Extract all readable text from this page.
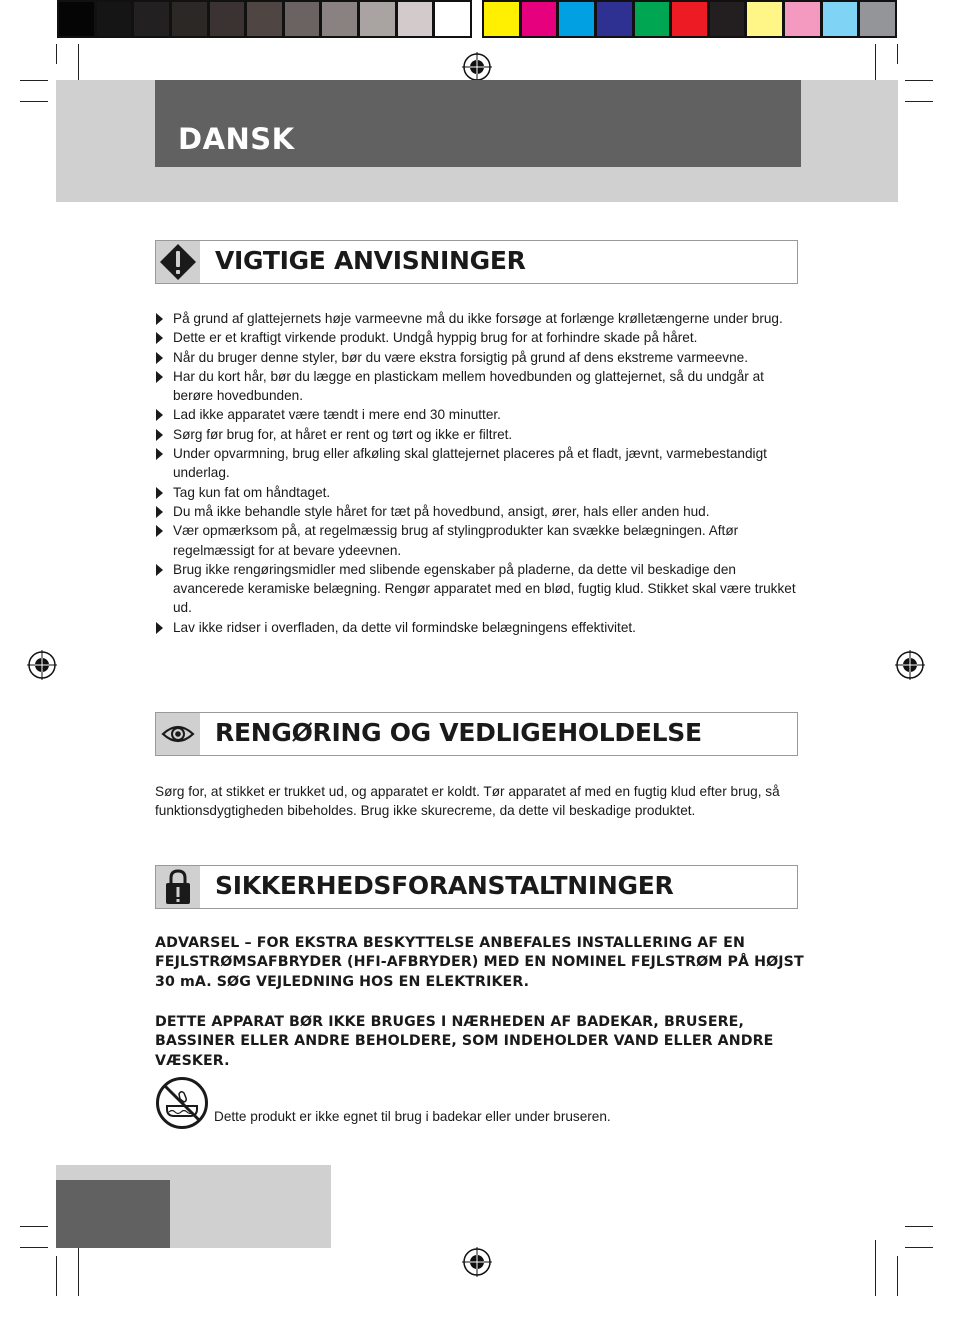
DANSK
VIGTIGE ANVISNINGER
På grund af glattejernets høje varmeevne må du ikke forsøge at forlænge krølletængerne under brug.
Dette er et kraftigt virkende produkt. Undgå hyppig brug for at forhindre skade på håret.
Når du bruger denne styler, bør du være ekstra forsigtig på grund af dens ekstreme varmeevne.
Har du kort hår, bør du lægge en plastickam mellem hovedbunden og glattejernet, så du undgår at berøre hovedbunden.
Lad ikke apparatet være tændt i mere end 30 minutter.
Sørg før brug for, at håret er rent og tørt og ikke er filtret.
Under opvarmning, brug eller afkøling skal glattejernet placeres på et fladt, jævnt, varmebestandigt underlag.
Tag kun fat om håndtaget.
Du må ikke behandle style håret for tæt på hovedbund, ansigt, ører, hals eller anden hud.
Vær opmærksom på, at regelmæssig brug af stylingprodukter kan svække belægningen. Aftør regelmæssigt for at bevare ydeevnen.
Brug ikke rengøringsmidler med slibende egenskaber på pladerne, da dette vil beskadige den avancerede keramiske belægning. Rengør apparatet med en blød, fugtig klud. Stikket skal være trukket ud.
Lav ikke ridser i overfladen, da dette vil formindske belægningens effektivitet.
RENGØRING OG VEDLIGEHOLDELSE
Sørg for, at stikket er trukket ud, og apparatet er koldt. Tør apparatet af med en fugtig klud efter brug, så funktionsdygtigheden bibeholdes. Brug ikke skurecreme, da dette vil beskadige produktet.
SIKKERHEDSFORANSTALTNINGER
ADVARSEL – FOR EKSTRA BESKYTTELSE ANBEFALES INSTALLERING AF EN FEJLSTRØMSAFBRYDER (HFI-AFBRYDER) MED EN NOMINEL FEJLSTRØM PÅ HØJST 30 mA. SØG VEJLEDNING HOS EN ELEKTRIKER.
DETTE APPARAT BØR IKKE BRUGES I NÆRHEDEN AF BADEKAR, BRUSERE, BASSINER ELLER ANDRE BEHOLDERE, SOM INDEHOLDER VAND ELLER ANDRE VÆSKER.
Dette produkt er ikke egnet til brug i badekar eller under bruseren.
